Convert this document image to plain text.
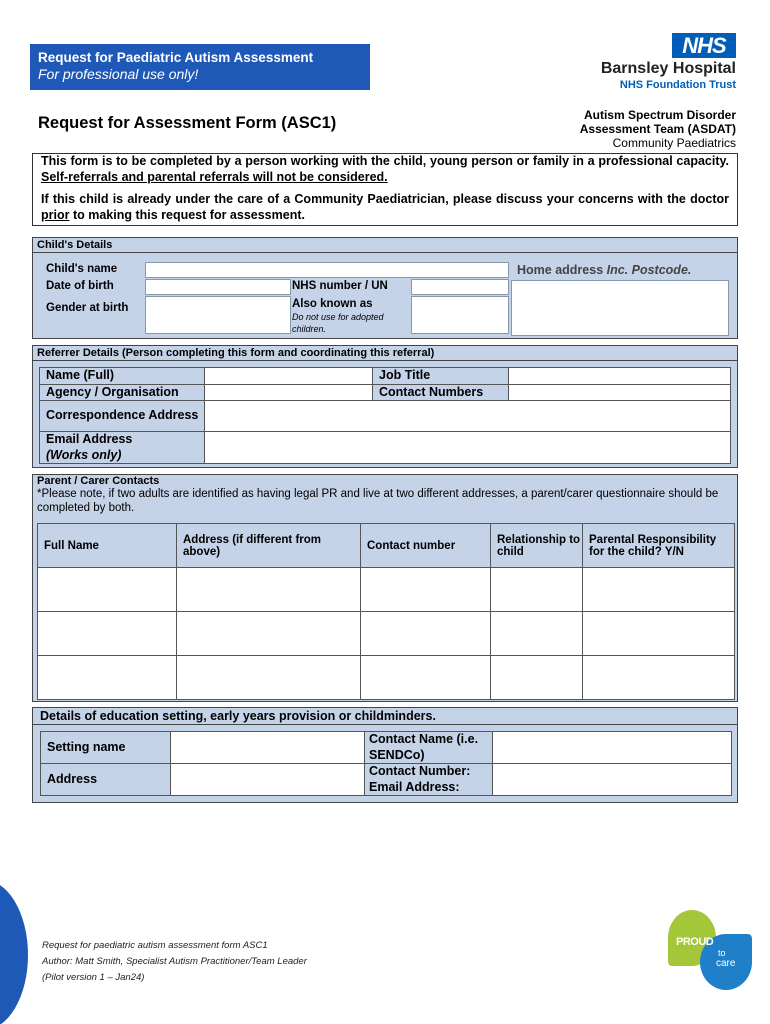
Request for Paediatric Autism Assessment
For professional use only!
NHS
Barnsley Hospital
NHS Foundation Trust
Request for Assessment Form (ASC1)	Autism Spectrum Disorder
Assessment Team (ASDAT)
Community Paediatrics

This form is to be completed by a person working with the child, young person or family in a professional capacity. Self-referrals and parental referrals will not be considered.

If this child is already under the care of a Community Paediatrician, please discuss your concerns with the doctor prior to making this request for assessment.

Child's Details
Child's name	Home address Inc. Postcode.
Date of birth	NHS number / UN
Gender at birth	Also known as
Do not use for adopted children.
Referrer Details (Person completing this form and coordinating this referral)
Name (Full)		Job Title	

Agency / Organisation		Contact Numbers	

Correspondence Address			

Email Address
(Works only)			

Parent / Carer Contacts
*Please note, if two adults are identified as having legal PR and live at two different addresses, a parent/carer questionnaire should be completed by both.
Full Name	Address (if different from above)	Contact number	Relationship to child	Parental Responsibility for the child? Y/N

Details of education setting, early years provision or childminders.
Setting name		Contact Name (i.e. SENDCo)	

Address		Contact Number:
Email Address:	

Request for paediatric autism assessment form ASC1
Author: Matt Smith, Specialist Autism Practitioner/Team Leader
(Pilot version 1 – Jan24)
PROUD
to
care
